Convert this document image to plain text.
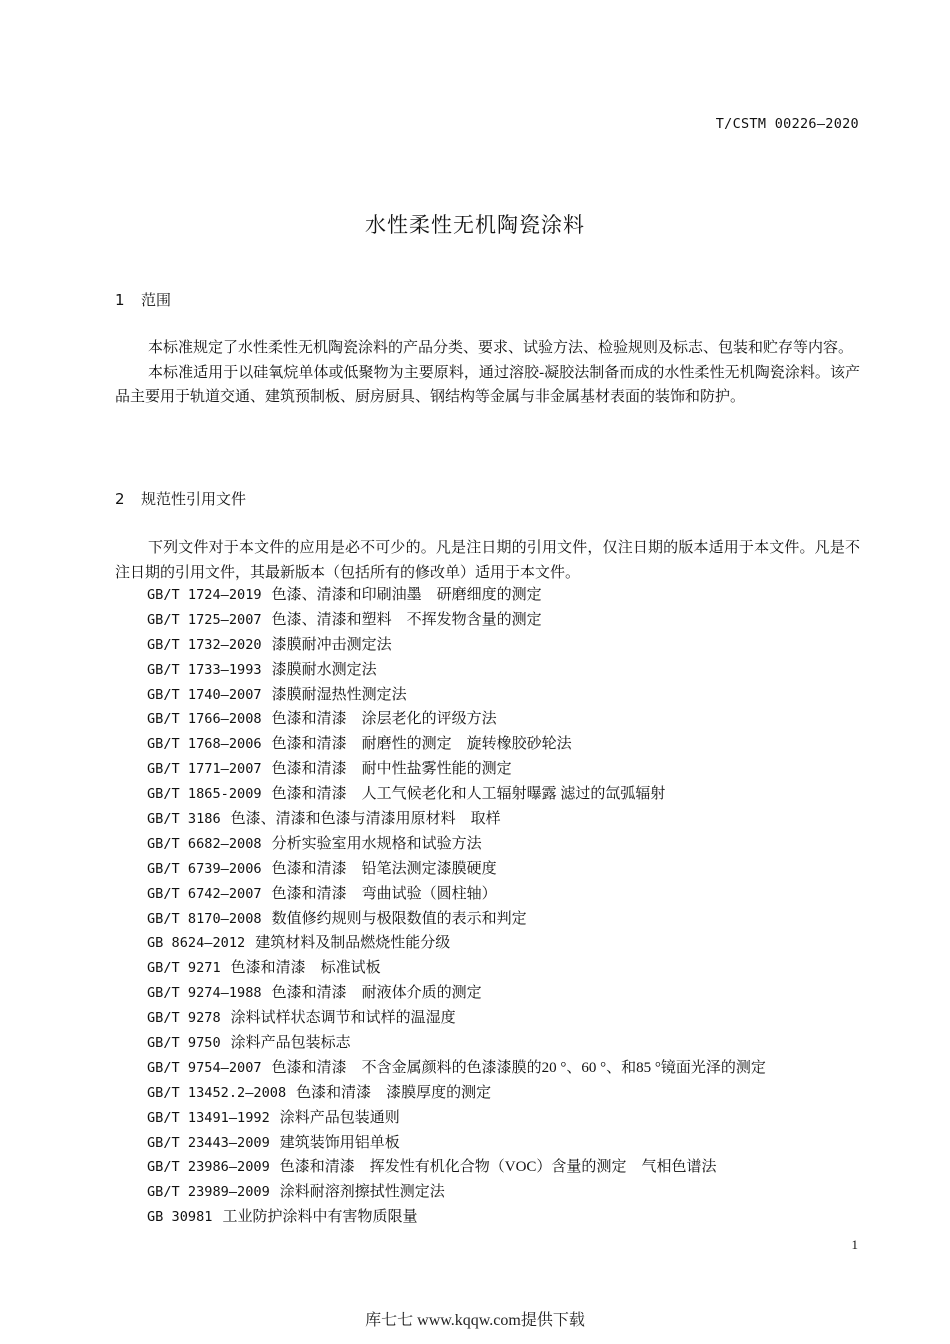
T/CSTM 00226—2020
水性柔性无机陶瓷涂料
1 范围

本标准规定了水性柔性无机陶瓷涂料的产品分类、要求、试验方法、检验规则及标志、包装和贮存等内容。

本标准适用于以硅氧烷单体或低聚物为主要原料，通过溶胶-凝胶法制备而成的水性柔性无机陶瓷涂料。该产品主要用于轨道交通、建筑预制板、厨房厨具、钢结构等金属与非金属基材表面的装饰和防护。

2 规范性引用文件

下列文件对于本文件的应用是必不可少的。凡是注日期的引用文件，仅注日期的版本适用于本文件。凡是不注日期的引用文件，其最新版本（包括所有的修改单）适用于本文件。

GB/T 1724—2019 色漆、清漆和印刷油墨　研磨细度的测定
GB/T 1725—2007 色漆、清漆和塑料　不挥发物含量的测定
GB/T 1732—2020 漆膜耐冲击测定法
GB/T 1733—1993 漆膜耐水测定法
GB/T 1740—2007 漆膜耐湿热性测定法
GB/T 1766—2008 色漆和清漆　涂层老化的评级方法
GB/T 1768—2006 色漆和清漆　耐磨性的测定　旋转橡胶砂轮法
GB/T 1771—2007 色漆和清漆　耐中性盐雾性能的测定
GB/T 1865-2009 色漆和清漆　人工气候老化和人工辐射曝露 滤过的氙弧辐射
GB/T 3186 色漆、清漆和色漆与清漆用原材料　取样
GB/T 6682—2008 分析实验室用水规格和试验方法
GB/T 6739—2006 色漆和清漆　铅笔法测定漆膜硬度
GB/T 6742—2007 色漆和清漆　弯曲试验（圆柱轴）
GB/T 8170—2008 数值修约规则与极限数值的表示和判定
GB 8624—2012 建筑材料及制品燃烧性能分级
GB/T 9271 色漆和清漆　标准试板
GB/T 9274—1988 色漆和清漆　耐液体介质的测定
GB/T 9278 涂料试样状态调节和试样的温湿度
GB/T 9750 涂料产品包装标志
GB/T 9754—2007 色漆和清漆　不含金属颜料的色漆漆膜的20 °、60 °、和85 °镜面光泽的测定
GB/T 13452.2—2008 色漆和清漆　漆膜厚度的测定
GB/T 13491—1992 涂料产品包装通则
GB/T 23443—2009 建筑装饰用铝单板
GB/T 23986—2009 色漆和清漆　挥发性有机化合物（VOC）含量的测定　气相色谱法
GB/T 23989—2009 涂料耐溶剂擦拭性测定法
GB 30981 工业防护涂料中有害物质限量
1
库七七 www.kqqw.com提供下载
